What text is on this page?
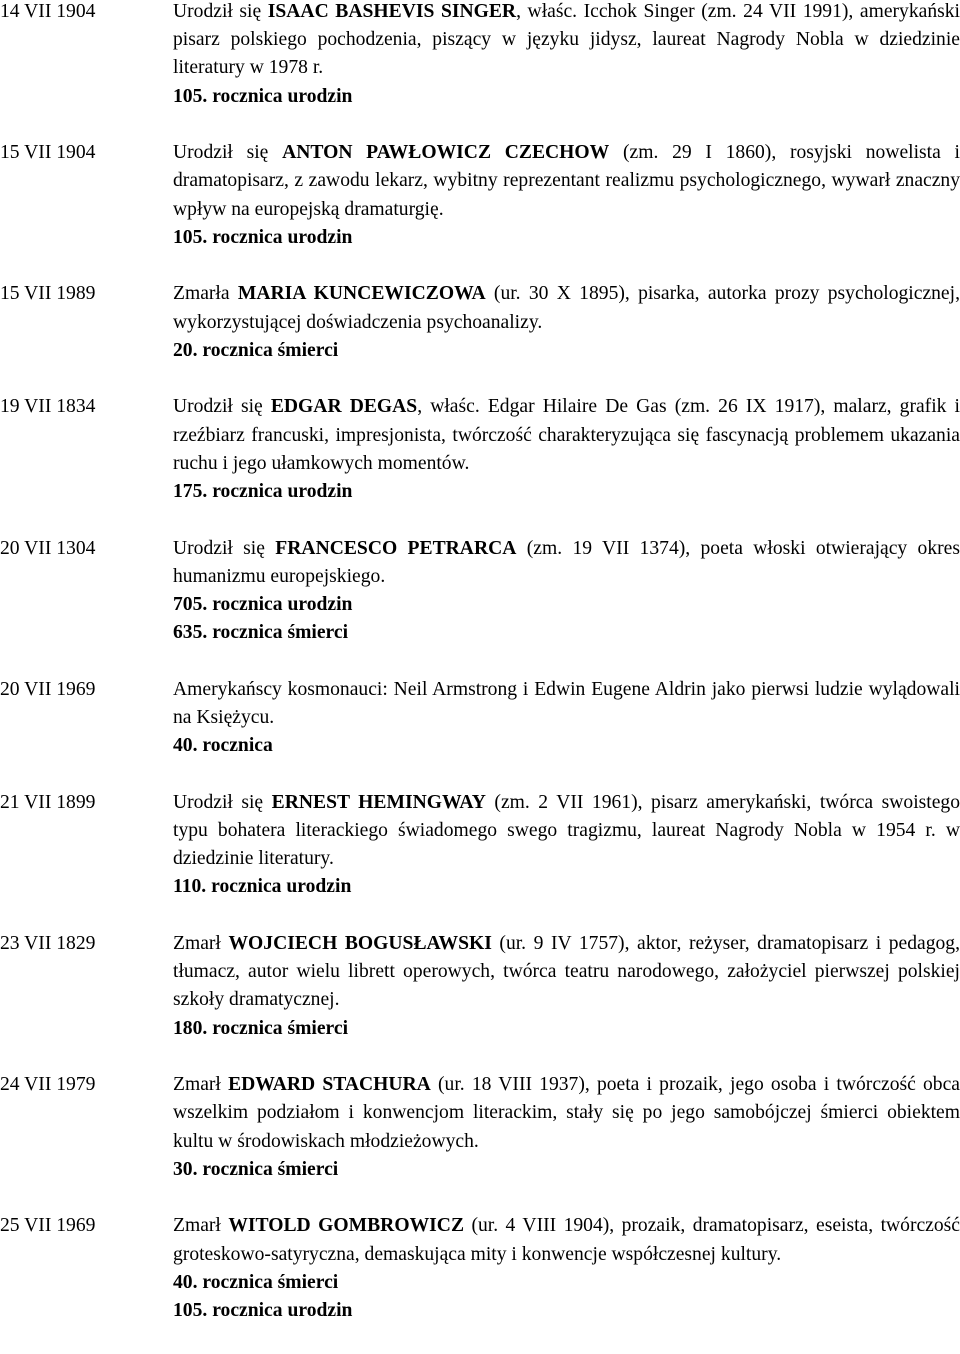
14 VII 1904	Urodził się ISAAC BASHEVIS SINGER, właśc. Icchok Singer (zm. 24 VII 1991), amerykański pisarz polskiego pochodzenia, piszący w języku jidysz, laureat Nagrody Nobla w dziedzinie literatury w 1978 r.

105. rocznica urodzin

15 VII 1904	Urodził się ANTON PAWŁOWICZ CZECHOW (zm. 29 I 1860), rosyjski nowelista i dramatopisarz, z zawodu lekarz, wybitny reprezentant realizmu psychologicznego, wywarł znaczny wpływ na europejską dramaturgię.

105. rocznica urodzin

15 VII 1989	Zmarła MARIA KUNCEWICZOWA (ur. 30 X 1895), pisarka, autorka prozy psychologicznej, wykorzystującej doświadczenia psychoanalizy.

20. rocznica śmierci

19 VII 1834	Urodził się EDGAR DEGAS, właśc. Edgar Hilaire De Gas (zm. 26 IX 1917), malarz, grafik i rzeźbiarz francuski, impresjonista, twórczość charakteryzująca się fascynacją problemem ukazania ruchu i jego ułamkowych momentów.

175. rocznica urodzin

20 VII 1304	Urodził się FRANCESCO PETRARCA (zm. 19 VII 1374), poeta włoski otwierający okres humanizmu europejskiego.

705. rocznica urodzin

635. rocznica śmierci

20 VII 1969	Amerykańscy kosmonauci: Neil Armstrong i Edwin Eugene Aldrin jako pierwsi ludzie wylądowali na Księżycu.

40. rocznica

21 VII 1899	Urodził się ERNEST HEMINGWAY (zm. 2 VII 1961), pisarz amerykański, twórca swoistego typu bohatera literackiego świadomego swego tragizmu, laureat Nagrody Nobla w 1954 r. w dziedzinie literatury.

110. rocznica urodzin

23 VII 1829	Zmarł WOJCIECH BOGUSŁAWSKI (ur. 9 IV 1757), aktor, reżyser, dramatopisarz i pedagog, tłumacz, autor wielu librett operowych, twórca teatru narodowego, założyciel pierwszej polskiej szkoły dramatycznej.

180. rocznica śmierci

24 VII 1979	Zmarł EDWARD STACHURA (ur. 18 VIII 1937), poeta i prozaik, jego osoba i twórczość obca wszelkim podziałom i konwencjom literackim, stały się po jego samobójczej śmierci obiektem kultu w środowiskach młodzieżowych.

30. rocznica śmierci

25 VII 1969	Zmarł WITOLD GOMBROWICZ (ur. 4 VIII 1904), prozaik, dramatopisarz, eseista, twórczość groteskowo-satyryczna, demaskująca mity i konwencje współczesnej kultury.

40. rocznica śmierci

105. rocznica urodzin
